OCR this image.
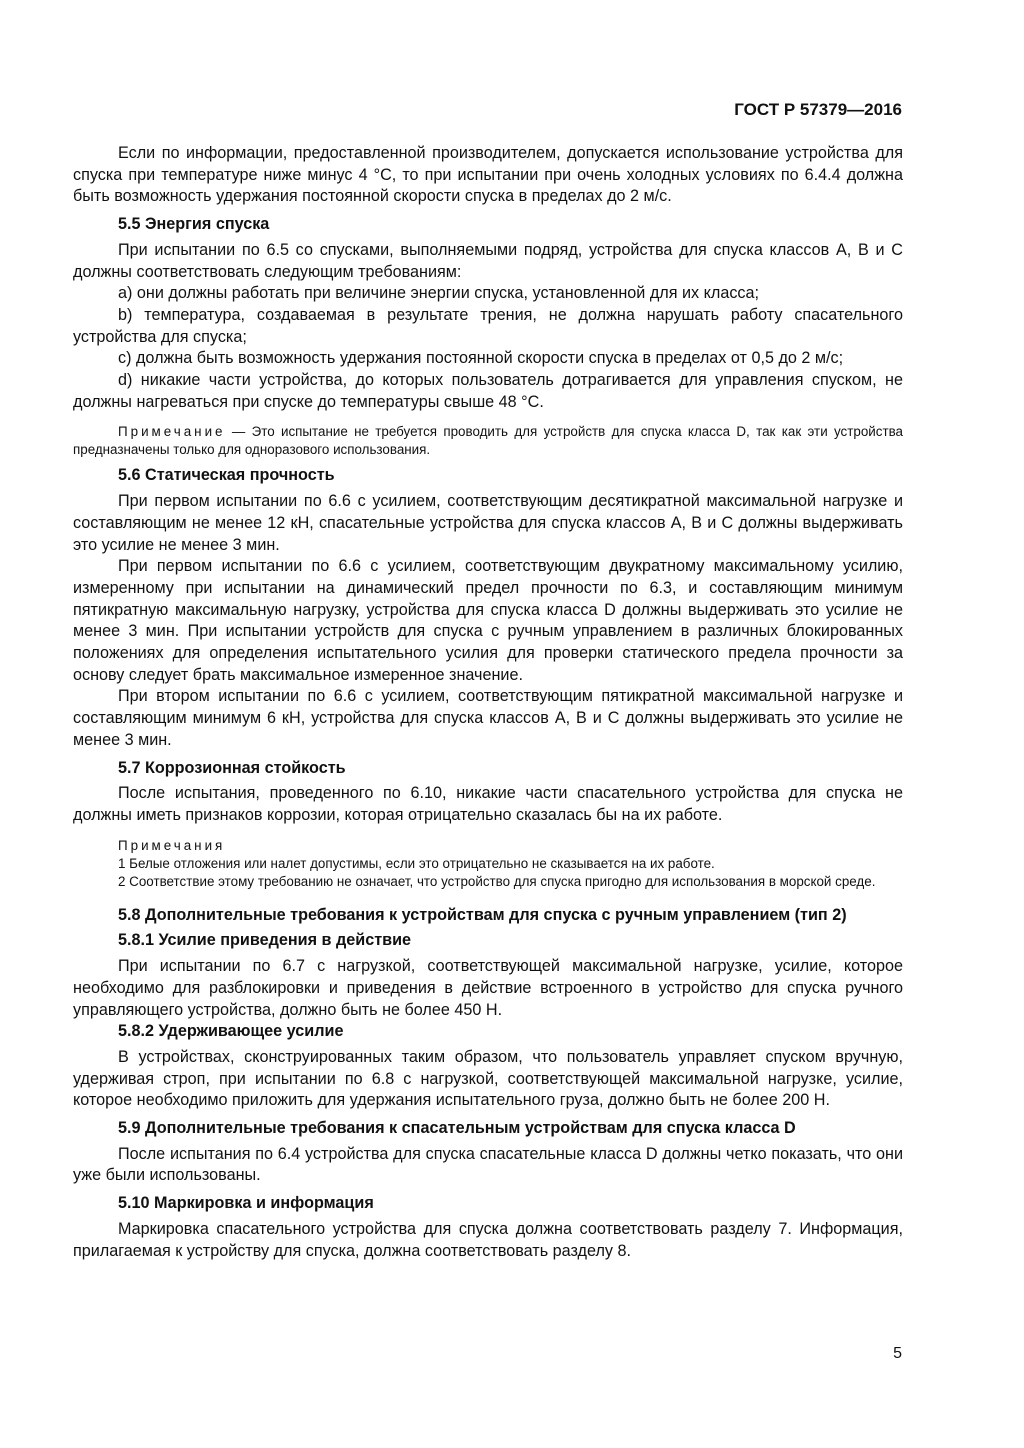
ГОСТ Р 57379—2016

Если по информации, предоставленной производителем, допускается использование устройства для спуска при температуре ниже минус 4 °С, то при испытании при очень холодных условиях по 6.4.4 должна быть возможность удержания постоянной скорости спуска в пределах до 2 м/с.

5.5 Энергия спуска

При испытании по 6.5 со спусками, выполняемыми подряд, устройства для спуска классов А, В и С должны соответствовать следующим требованиям:

а) они должны работать при величине энергии спуска, установленной для их класса;

b) температура, создаваемая в результате трения, не должна нарушать работу спасательного устройства для спуска;

с) должна быть возможность удержания постоянной скорости спуска в пределах от 0,5 до 2 м/с;

d) никакие части устройства, до которых пользователь дотрагивается для управления спуском, не должны нагреваться при спуске до температуры свыше 48 °С.

Примечание — Это испытание не требуется проводить для устройств для спуска класса D, так как эти устройства предназначены только для одноразового использования.

5.6 Статическая прочность

При первом испытании по 6.6 с усилием, соответствующим десятикратной максимальной нагрузке и составляющим не менее 12 кН, спасательные устройства для спуска классов А, В и С должны выдерживать это усилие не менее 3 мин.

При первом испытании по 6.6 с усилием, соответствующим двукратному максимальному усилию, измеренному при испытании на динамический предел прочности по 6.3, и составляющим минимум пятикратную максимальную нагрузку, устройства для спуска класса D должны выдерживать это усилие не менее 3 мин. При испытании устройств для спуска с ручным управлением в различных блокированных положениях для определения испытательного усилия для проверки статического предела прочности за основу следует брать максимальное измеренное значение.

При втором испытании по 6.6 с усилием, соответствующим пятикратной максимальной нагрузке и составляющим минимум 6 кН, устройства для спуска классов А, В и С должны выдерживать это усилие не менее 3 мин.

5.7 Коррозионная стойкость

После испытания, проведенного по 6.10, никакие части спасательного устройства для спуска не должны иметь признаков коррозии, которая отрицательно сказалась бы на их работе.

Примечания

1 Белые отложения или налет допустимы, если это отрицательно не сказывается на их работе.

2 Соответствие этому требованию не означает, что устройство для спуска пригодно для использования в морской среде.

5.8 Дополнительные требования к устройствам для спуска с ручным управлением (тип 2)
5.8.1 Усилие приведения в действие

При испытании по 6.7 с нагрузкой, соответствующей максимальной нагрузке, усилие, которое необходимо для разблокировки и приведения в действие встроенного в устройство для спуска ручного управляющего устройства, должно быть не более 450 Н.

5.8.2 Удерживающее усилие

В устройствах, сконструированных таким образом, что пользователь управляет спуском вручную, удерживая строп, при испытании по 6.8 с нагрузкой, соответствующей максимальной нагрузке, усилие, которое необходимо приложить для удержания испытательного груза, должно быть не более 200 Н.

5.9 Дополнительные требования к спасательным устройствам для спуска класса D

После испытания по 6.4 устройства для спуска спасательные класса D должны четко показать, что они уже были использованы.

5.10 Маркировка и информация

Маркировка спасательного устройства для спуска должна соответствовать разделу 7. Информация, прилагаемая к устройству для спуска, должна соответствовать разделу 8.

5
